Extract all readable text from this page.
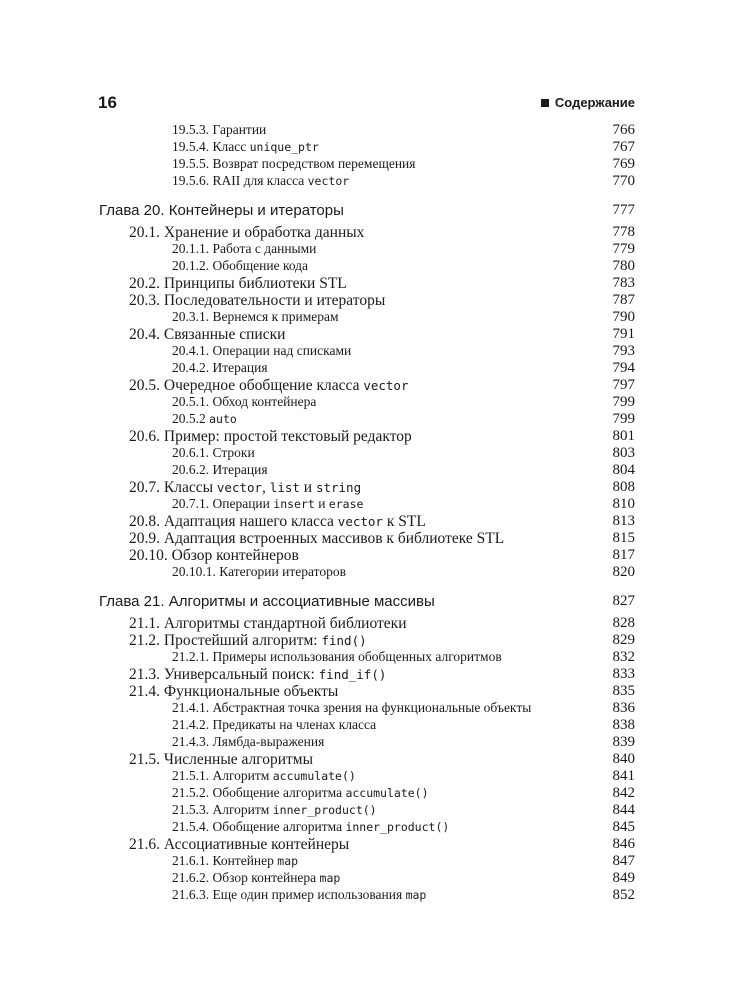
16	Содержание
19.5.3. Гарантии	766
19.5.4. Класс unique_ptr	767
19.5.5. Возврат посредством перемещения	769
19.5.6. RAII для класса vector	770
Глава 20. Контейнеры и итераторы	777
20.1. Хранение и обработка данных	778
20.1.1. Работа с данными	779
20.1.2. Обобщение кода	780
20.2. Принципы библиотеки STL	783
20.3. Последовательности и итераторы	787
20.3.1. Вернемся к примерам	790
20.4. Связанные списки	791
20.4.1. Операции над списками	793
20.4.2. Итерация	794
20.5. Очередное обобщение класса vector	797
20.5.1. Обход контейнера	799
20.5.2 auto	799
20.6. Пример: простой текстовый редактор	801
20.6.1. Строки	803
20.6.2. Итерация	804
20.7. Классы vector, list и string	808
20.7.1. Операции insert и erase	810
20.8. Адаптация нашего класса vector к STL	813
20.9. Адаптация встроенных массивов к библиотеке STL	815
20.10. Обзор контейнеров	817
20.10.1. Категории итераторов	820
Глава 21. Алгоритмы и ассоциативные массивы	827
21.1. Алгоритмы стандартной библиотеки	828
21.2. Простейший алгоритм: find()	829
21.2.1. Примеры использования обобщенных алгоритмов	832
21.3. Универсальный поиск: find_if()	833
21.4. Функциональные объекты	835
21.4.1. Абстрактная точка зрения на функциональные объекты	836
21.4.2. Предикаты на членах класса	838
21.4.3. Лямбда-выражения	839
21.5. Численные алгоритмы	840
21.5.1. Алгоритм accumulate()	841
21.5.2. Обобщение алгоритма accumulate()	842
21.5.3. Алгоритм inner_product()	844
21.5.4. Обобщение алгоритма inner_product()	845
21.6. Ассоциативные контейнеры	846
21.6.1. Контейнер map	847
21.6.2. Обзор контейнера map	849
21.6.3. Еще один пример использования map	852
